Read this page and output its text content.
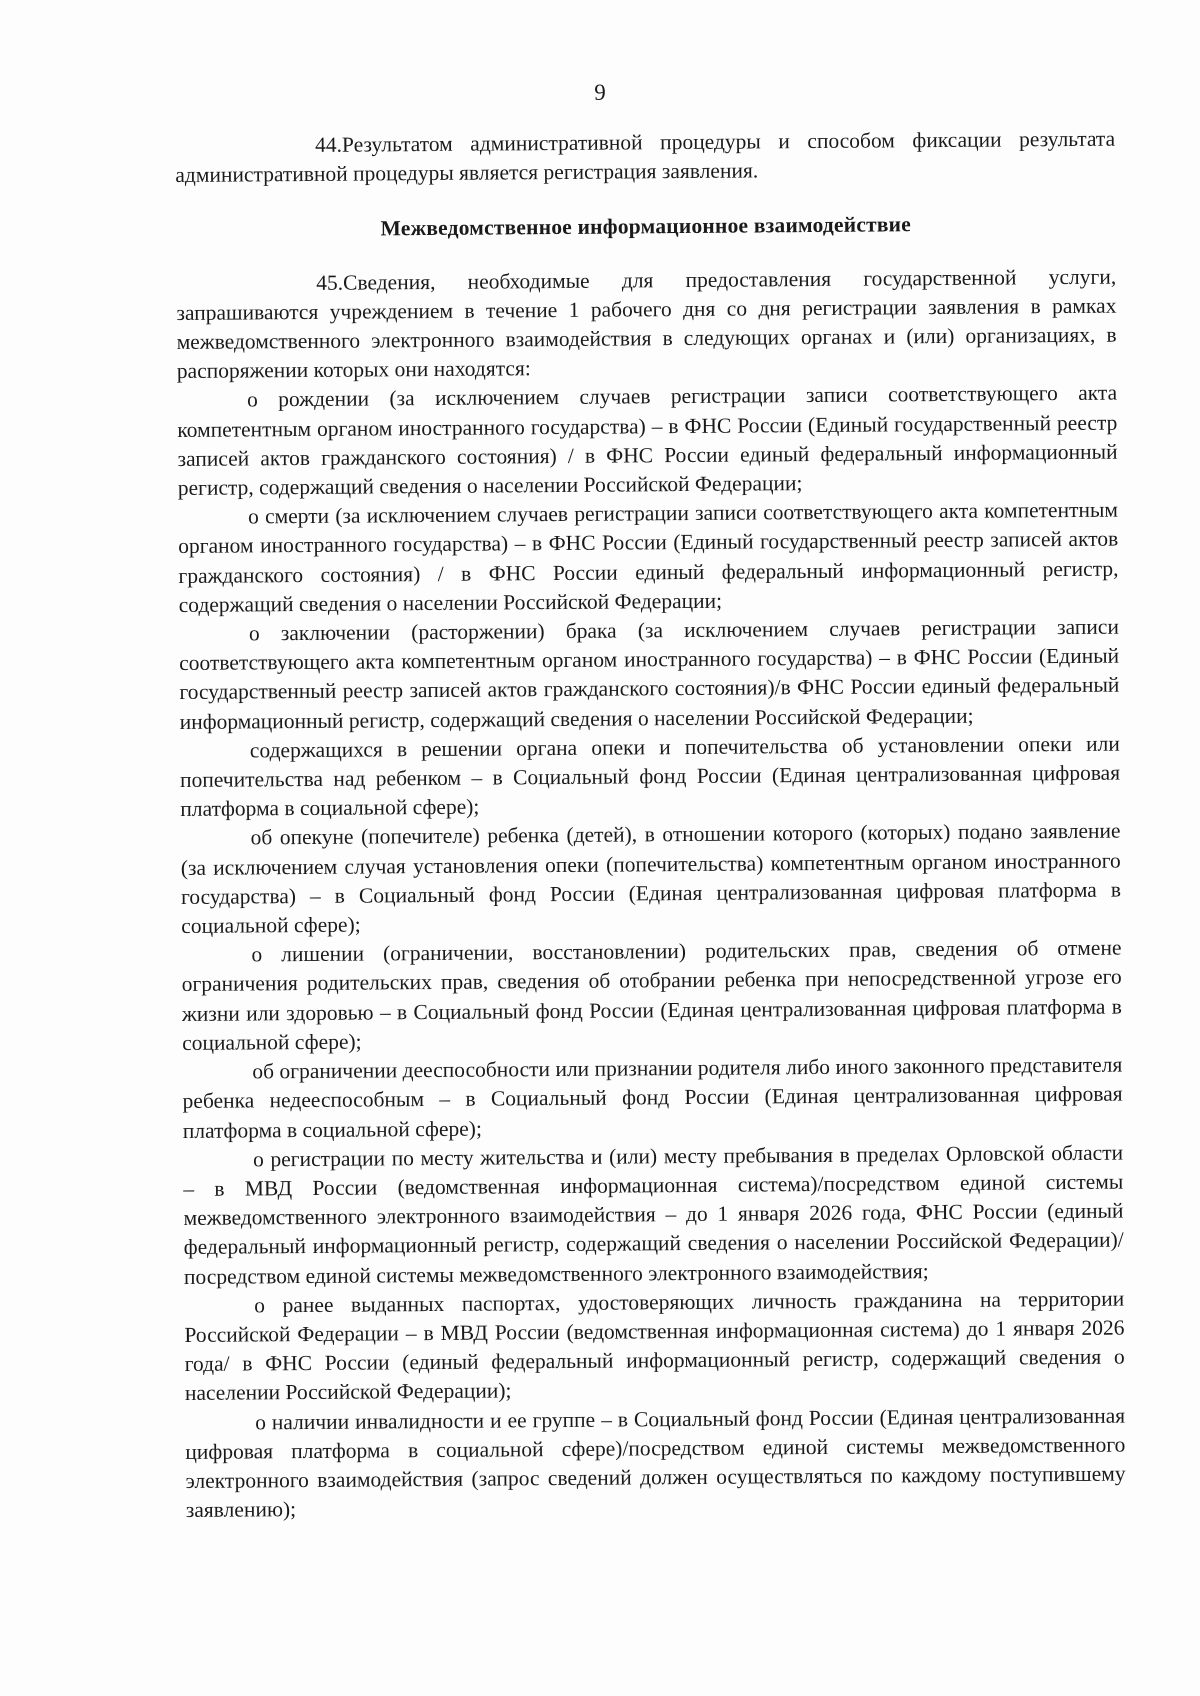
9

44.Результатом административной процедуры и способом фиксации результата административной процедуры является регистрация заявления.

Межведомственное информационное взаимодействие

45.Сведения, необходимые для предоставления государственной услуги, запрашиваются учреждением в течение 1 рабочего дня со дня регистрации заявления в рамках межведомственного электронного взаимодействия в следующих органах и (или) организациях, в распоряжении которых они находятся:

о рождении (за исключением случаев регистрации записи соответствующего акта компетентным органом иностранного государства) – в ФНС России (Единый государственный реестр записей актов гражданского состояния) / в ФНС России единый федеральный информационный регистр, содержащий сведения о населении Российской Федерации;

о смерти (за исключением случаев регистрации записи соответствующего акта компетентным органом иностранного государства) – в ФНС России (Единый государственный реестр записей актов гражданского состояния) / в ФНС России единый федеральный информационный регистр, содержащий сведения о населении Российской Федерации;

о заключении (расторжении) брака (за исключением случаев регистрации записи соответствующего акта компетентным органом иностранного государства) – в ФНС России (Единый государственный реестр записей актов гражданского состояния)/в ФНС России единый федеральный информационный регистр, содержащий сведения о населении Российской Федерации;

содержащихся в решении органа опеки и попечительства об установлении опеки или попечительства над ребенком – в Социальный фонд России (Единая централизованная цифровая платформа в социальной сфере);

об опекуне (попечителе) ребенка (детей), в отношении которого (которых) подано заявление (за исключением случая установления опеки (попечительства) компетентным органом иностранного государства) – в Социальный фонд России (Единая централизованная цифровая платформа в социальной сфере);

о лишении (ограничении, восстановлении) родительских прав, сведения об отмене ограничения родительских прав, сведения об отобрании ребенка при непосредственной угрозе его жизни или здоровью – в Социальный фонд России (Единая централизованная цифровая платформа в социальной сфере);

об ограничении дееспособности или признании родителя либо иного законного представителя ребенка недееспособным – в Социальный фонд России (Единая централизованная цифровая платформа в социальной сфере);

о регистрации по месту жительства и (или) месту пребывания в пределах Орловской области – в МВД России (ведомственная информационная система)/посредством единой системы межведомственного электронного взаимодействия – до 1 января 2026 года, ФНС России (единый федеральный информационный регистр, содержащий сведения о населении Российской Федерации)/посредством единой системы межведомственного электронного взаимодействия;

о ранее выданных паспортах, удостоверяющих личность гражданина на территории Российской Федерации – в МВД России (ведомственная информационная система) до 1 января 2026 года/ в ФНС России (единый федеральный информационный регистр, содержащий сведения о населении Российской Федерации);

о наличии инвалидности и ее группе – в Социальный фонд России (Единая централизованная цифровая платформа в социальной сфере)/посредством единой системы межведомственного электронного взаимодействия (запрос сведений должен осуществляться по каждому поступившему заявлению);
